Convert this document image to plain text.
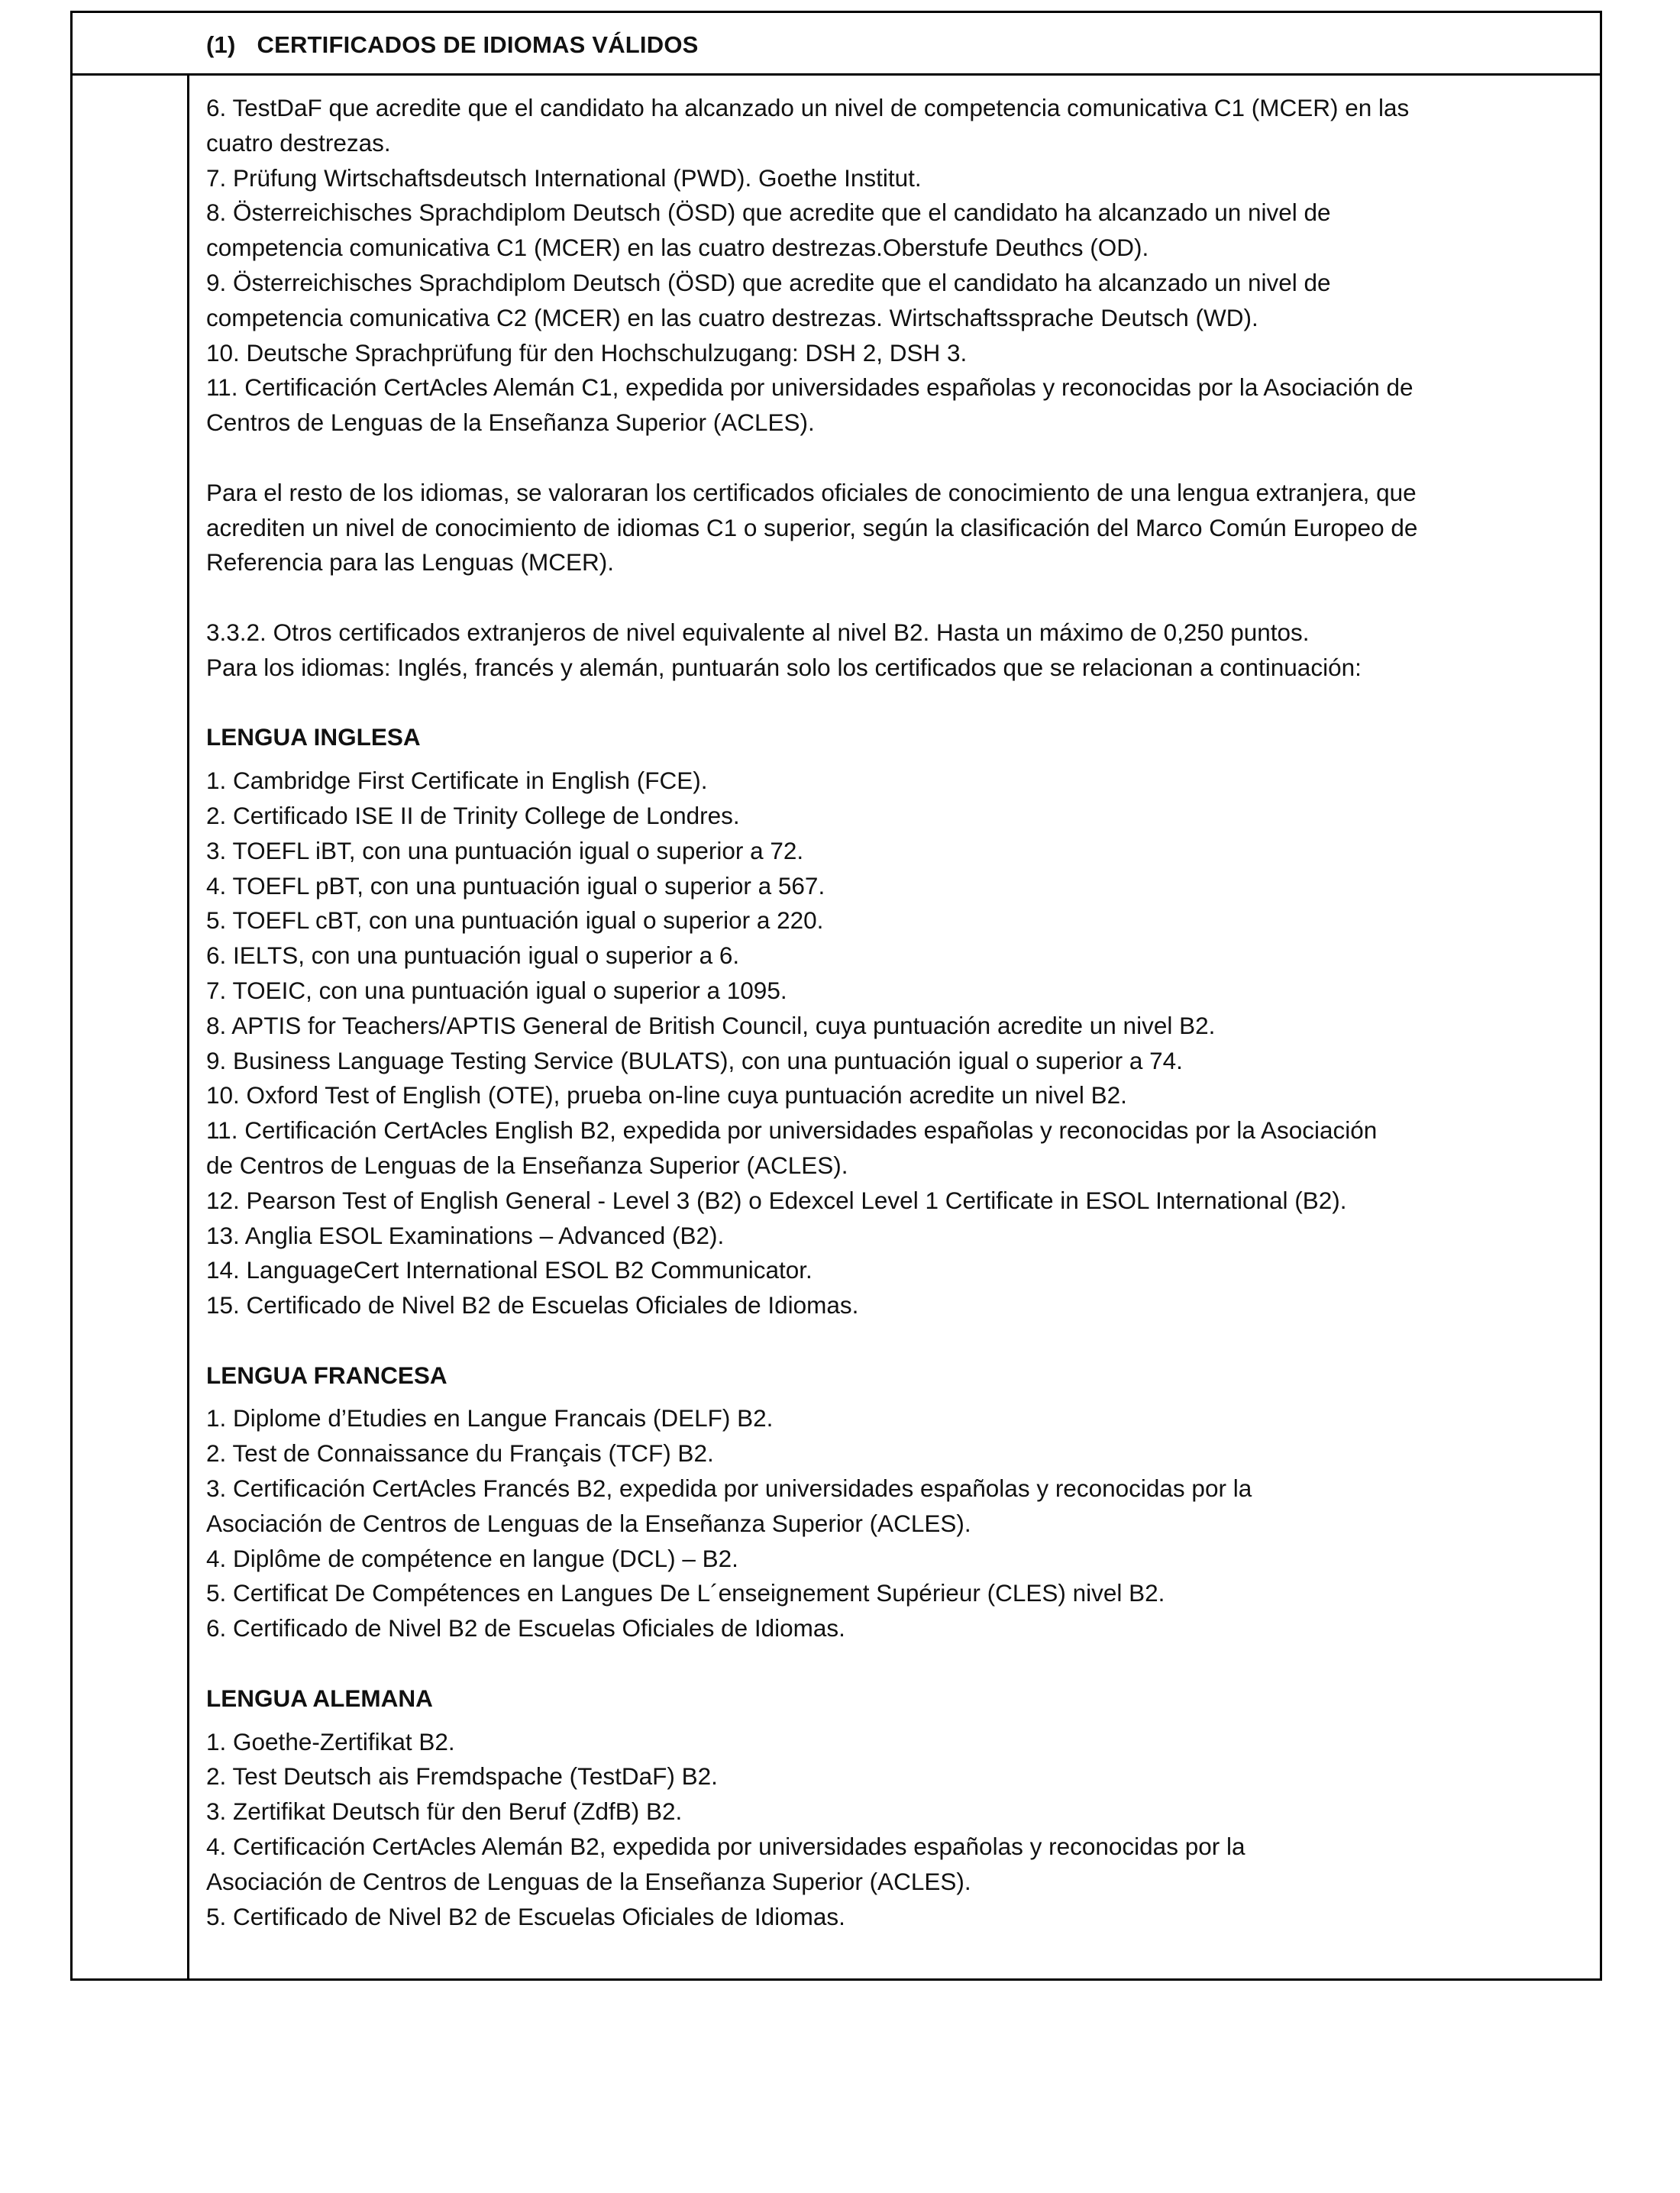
(1) CERTIFICADOS DE IDIOMAS VÁLIDOS
6. TestDaF que acredite que el candidato ha alcanzado un nivel de competencia comunicativa C1 (MCER) en las
cuatro destrezas.
7. Prüfung Wirtschaftsdeutsch International (PWD). Goethe Institut.
8. Österreichisches Sprachdiplom Deutsch (ÖSD) que acredite que el candidato ha alcanzado un nivel de
competencia comunicativa C1 (MCER) en las cuatro destrezas.Oberstufe Deuthcs (OD).
9. Österreichisches Sprachdiplom Deutsch (ÖSD) que acredite que el candidato ha alcanzado un nivel de
competencia comunicativa C2 (MCER) en las cuatro destrezas. Wirtschaftssprache Deutsch (WD).
10. Deutsche Sprachprüfung für den Hochschulzugang: DSH 2, DSH 3.
11. Certificación CertAcles Alemán C1, expedida por universidades españolas y reconocidas por la Asociación de
Centros de Lenguas de la Enseñanza Superior (ACLES).
Para el resto de los idiomas, se valoraran los certificados oficiales de conocimiento de una lengua extranjera, que
acrediten un nivel de conocimiento de idiomas C1 o superior, según la clasificación del Marco Común Europeo de
Referencia para las Lenguas (MCER).
3.3.2. Otros certificados extranjeros de nivel equivalente al nivel B2. Hasta un máximo de 0,250 puntos.
Para los idiomas: Inglés, francés y alemán, puntuarán solo los certificados que se relacionan a continuación:
LENGUA INGLESA
1. Cambridge First Certificate in English (FCE).
2. Certificado ISE II de Trinity College de Londres.
3. TOEFL iBT, con una puntuación igual o superior a 72.
4. TOEFL pBT, con una puntuación igual o superior a 567.
5. TOEFL cBT, con una puntuación igual o superior a 220.
6. IELTS, con una puntuación igual o superior a 6.
7. TOEIC, con una puntuación igual o superior a 1095.
8. APTIS for Teachers/APTIS General de British Council, cuya puntuación acredite un nivel B2.
9. Business Language Testing Service (BULATS), con una puntuación igual o superior a 74.
10. Oxford Test of English (OTE), prueba on-line cuya puntuación acredite un nivel B2.
11. Certificación CertAcles English B2, expedida por universidades españolas y reconocidas por la Asociación
de Centros de Lenguas de la Enseñanza Superior (ACLES).
12. Pearson Test of English General - Level 3 (B2) o Edexcel Level 1 Certificate in ESOL International (B2).
13. Anglia ESOL Examinations – Advanced (B2).
14. LanguageCert International ESOL B2 Communicator.
15. Certificado de Nivel B2 de Escuelas Oficiales de Idiomas.
LENGUA FRANCESA
1. Diplome d’Etudies en Langue Francais (DELF) B2.
2. Test de Connaissance du Français (TCF) B2.
3. Certificación CertAcles Francés B2, expedida por universidades españolas y reconocidas por la
Asociación de Centros de Lenguas de la Enseñanza Superior (ACLES).
4. Diplôme de compétence en langue (DCL) – B2.
5. Certificat De Compétences en Langues De L´enseignement Supérieur (CLES) nivel B2.
6. Certificado de Nivel B2 de Escuelas Oficiales de Idiomas.
LENGUA ALEMANA
1. Goethe-Zertifikat B2.
2. Test Deutsch ais Fremdspache (TestDaF) B2.
3. Zertifikat Deutsch für den Beruf (ZdfB) B2.
4. Certificación CertAcles Alemán B2, expedida por universidades españolas y reconocidas por la
Asociación de Centros de Lenguas de la Enseñanza Superior (ACLES).
5. Certificado de Nivel B2 de Escuelas Oficiales de Idiomas.
